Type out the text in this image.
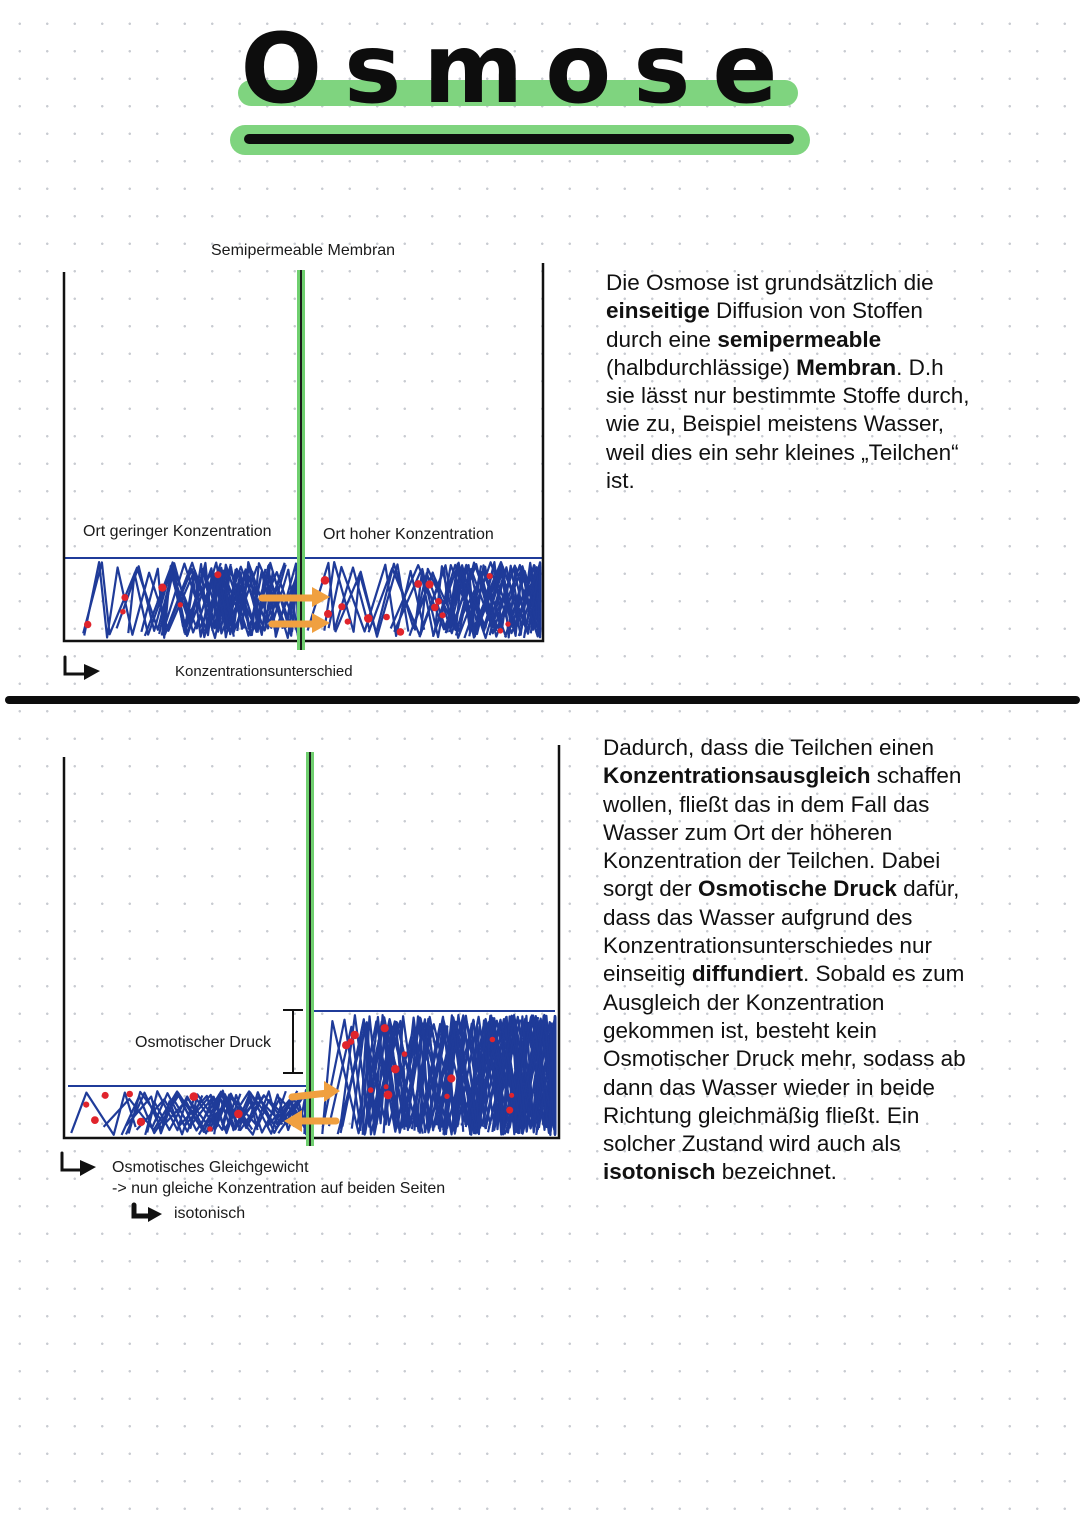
Osmose
Semipermeable Membran
Ort geringer Konzentration	Ort hoher Konzentration
Konzentrationsunterschied
Die Osmose ist grundsätzlich die einseitige Diffusion von Stoffen durch eine semipermeable (halbdurchlässige) Membran. D.h sie lässt nur bestimmte Stoffe durch, wie zu, Beispiel meistens Wasser, weil dies ein sehr kleines „Teilchen“ ist.
Osmotischer Druck
Osmotisches Gleichgewicht
-> nun gleiche Konzentration auf beiden Seiten
isotonisch
Dadurch, dass die Teilchen einen Konzentrationsausgleich schaffen wollen, fließt das in dem Fall das Wasser zum Ort der höheren Konzentration der Teilchen. Dabei sorgt der Osmotische Druck dafür, dass das Wasser aufgrund des Konzentrationsunterschiedes nur einseitig diffundiert. Sobald es zum Ausgleich der Konzentration gekommen ist, besteht kein Osmotischer Druck mehr, sodass ab dann das Wasser wieder in beide Richtung gleichmäßig fließt. Ein solcher Zustand wird auch als isotonisch bezeichnet.
